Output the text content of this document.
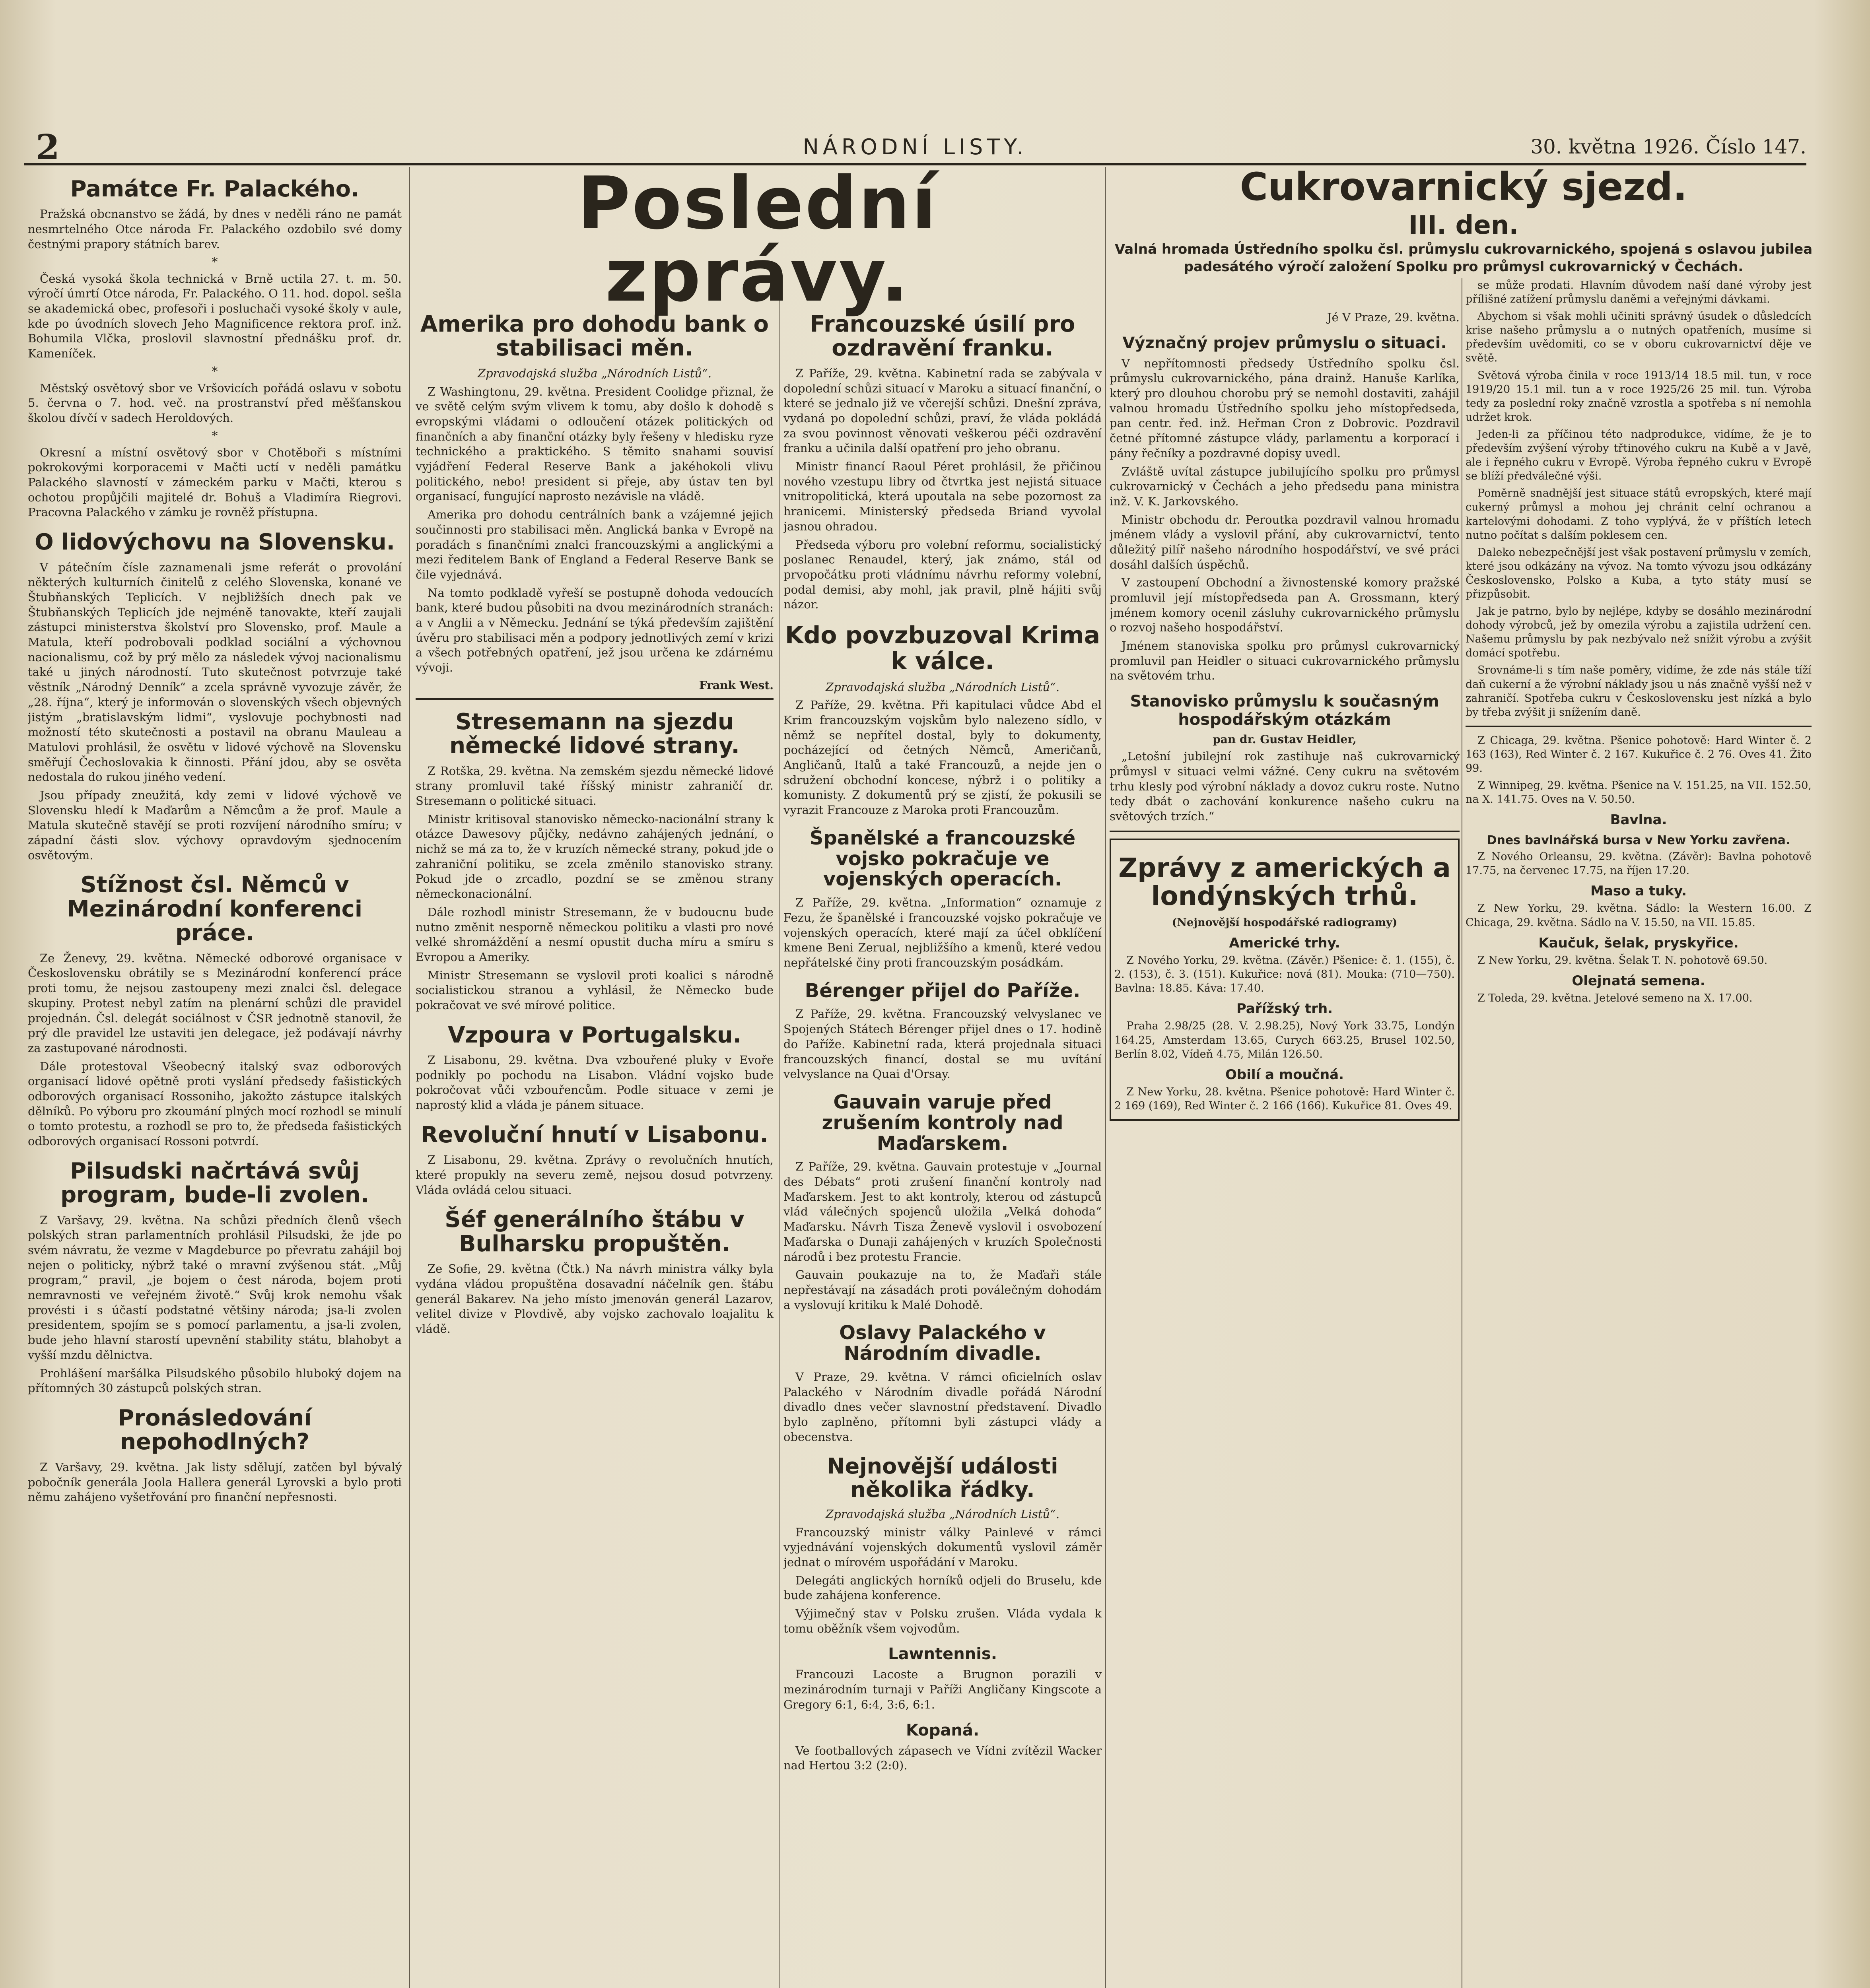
2	NÁRODNÍ LISTY.	30. května 1926. Číslo 147.
Poslední zprávy.
Památce Fr. Palackého.

Pražská obcnanstvo se žádá, by dnes v neděli ráno ne památ nesmrtelného Otce národa Fr. Palackého ozdobilo své domy čestnými prapory státních barev.

*

Česká vysoká škola technická v Brně uctila 27. t. m. 50. výročí úmrtí Otce národa, Fr. Palackého. O 11. hod. dopol. sešla se akademická obec, profesoři i posluchači vysoké školy v aule, kde po úvodních slovech Jeho Magnificence rektora prof. inž. Bohumila Vlčka, proslovil slavnostní přednášku prof. dr. Kameníček.

*

Městský osvětový sbor ve Vršovicích pořádá oslavu v sobotu 5. června o 7. hod. več. na prostranství před měšťanskou školou dívčí v sadech Heroldových.

*

Okresní a místní osvětový sbor v Chotěboři s místními pokrokovými korporacemi v Mačti uctí v neděli památku Palackého slavností v zámeckém parku v Mačti, kterou s ochotou propůjčili majitelé dr. Bohuš a Vladimíra Riegrovi. Pracovna Palackého v zámku je rovněž přístupna.

O lidovýchovu na Slovensku.

V pátečním čísle zaznamenali jsme referát o provolání některých kulturních činitelů z celého Slovenska, konané ve Štubňanských Teplicích. V nejbližších dnech pak ve Štubňanských Teplicích jde nejméně tanovakte, kteří zaujali zástupci ministerstva školství pro Slovensko, prof. Maule a Matula, kteří podrobovali podklad sociální a výchovnou nacionalismu, což by prý mělo za následek vývoj nacionalismu také u jiných národností. Tuto skutečnost potvrzuje také věstník „Národný Denník“ a zcela správně vyvozuje závěr, že „28. října“, který je informován o slovenských všech objevných jistým „bratislavským lidmi“, vyslovuje pochybnosti nad možností této skutečnosti a postavil na obranu Mauleau a Matulovi prohlásil, že osvětu v lidové výchově na Slovensku směřují Čechoslovakia k činnosti. Přání jdou, aby se osvěta nedostala do rukou jiného vedení.

Jsou případy zneužitá, kdy zemi v lidové výchově ve Slovensku hledí k Maďarům a Němcům a že prof. Maule a Matula skutečně stavějí se proti rozvíjení národního smíru; v západní části slov. výchovy opravdovým sjednocením osvětovým.

Stížnost čsl. Němců v Mezinárodní konferenci práce.

Ze Ženevy, 29. května. Německé odborové organisace v Československu obrátily se s Mezinárodní konferencí práce proti tomu, že nejsou zastoupeny mezi znalci čsl. delegace skupiny. Protest nebyl zatím na plenární schůzi dle pravidel projednán. Čsl. delegát sociálnost v ČSR jednotně stanovil, že prý dle pravidel lze ustaviti jen delegace, jež podávají návrhy za zastupované národnosti.

Dále protestoval Všeobecný italský svaz odborových organisací lidové opětně proti vyslání předsedy fašistických odborových organisací Rossoniho, jakožto zástupce italských dělníků. Po výboru pro zkoumání plných mocí rozhodl se minulí o tomto protestu, a rozhodl se pro to, že předseda fašistických odborových organisací Rossoni potvrdí.

Pilsudski načrtává svůj program, bude-li zvolen.

Z Varšavy, 29. května. Na schůzi předních členů všech polských stran parlamentních prohlásil Pilsudski, že jde po svém návratu, že vezme v Magdeburce po převratu zahájil boj nejen o politicky, nýbrž také o mravní zvýšenou stát. „Můj program,“ pravil, „je bojem o čest národa, bojem proti nemravnosti ve veřejném životě.“ Svůj krok nemohu však provésti i s účastí podstatné většiny národa; jsa-li zvolen presidentem, spojím se s pomocí parlamentu, a jsa-li zvolen, bude jeho hlavní starostí upevnění stability státu, blahobyt a vyšší mzdu dělnictva.

Prohlášení maršálka Pilsudského působilo hluboký dojem na přítomných 30 zástupců polských stran.

Pronásledování nepohodlných?

Z Varšavy, 29. května. Jak listy sdělují, zatčen byl bývalý pobočník generála Joola Hallera generál Lyrovski a bylo proti němu zahájeno vyšetřování pro finanční nepřesnosti.

Amerika pro dohodu bank o stabilisaci měn.

Zpravodajská služba „Národních Listů“.

Z Washingtonu, 29. května. President Coolidge přiznal, že ve světě celým svým vlivem k tomu, aby došlo k dohodě s evropskými vládami o odloučení otázek politických od finančních a aby finanční otázky byly řešeny v hledisku ryze technického a praktického. S těmito snahami souvisí vyjádření Federal Reserve Bank a jakéhokoli vlivu politického, nebo! president si přeje, aby ústav ten byl organisací, fungující naprosto nezávisle na vládě.

Amerika pro dohodu centrálních bank a vzájemné jejich součinnosti pro stabilisaci měn. Anglická banka v Evropě na poradách s finančními znalci francouzskými a anglickými a mezi ředitelem Bank of England a Federal Reserve Bank se čile vyjednává.

Na tomto podkladě vyřeší se postupně dohoda vedoucích bank, které budou působiti na dvou mezinárodních stranách: a v Anglii a v Německu. Jednání se týká především zajištění úvěru pro stabilisaci měn a podpory jednotlivých zemí v krizi a všech potřebných opatření, jež jsou určena ke zdárnému vývoji.

Frank West.
Stresemann na sjezdu německé lidové strany.

Z Rotška, 29. května. Na zemském sjezdu německé lidové strany promluvil také říšský ministr zahraničí dr. Stresemann o politické situaci.

Ministr kritisoval stanovisko německo-nacionální strany k otázce Dawesovy půjčky, nedávno zahájených jednání, o nichž se má za to, že v kruzích německé strany, pokud jde o zahraniční politiku, se zcela změnilo stanovisko strany. Pokud jde o zrcadlo, pozdní se se změnou strany německonacionální.

Dále rozhodl ministr Stresemann, že v budoucnu bude nutno změnit nesporně německou politiku a vlasti pro nové velké shromáždění a nesmí opustit ducha míru a smíru s Evropou a Ameriky.

Ministr Stresemann se vyslovil proti koalici s národně socialistickou stranou a vyhlásil, že Německo bude pokračovat ve své mírové politice.

Vzpoura v Portugalsku.

Z Lisabonu, 29. května. Dva vzbouřené pluky v Evoře podnikly po pochodu na Lisabon. Vládní vojsko bude pokročovat vůči vzbouřencům. Podle situace v zemi je naprostý klid a vláda je pánem situace.

Revoluční hnutí v Lisabonu.

Z Lisabonu, 29. května. Zprávy o revolučních hnutích, které propukly na severu země, nejsou dosud potvrzeny. Vláda ovládá celou situaci.

Šéf generálního štábu v Bulharsku propuštěn.

Ze Sofie, 29. května (Čtk.) Na návrh ministra války byla vydána vládou propuštěna dosavadní náčelník gen. štábu generál Bakarev. Na jeho místo jmenován generál Lazarov, velitel divize v Plovdivě, aby vojsko zachovalo loajalitu k vládě.

Francouzské úsilí pro ozdravění franku.

Z Paříže, 29. května. Kabinetní rada se zabývala v dopolední schůzi situací v Maroku a situací finanční, o které se jednalo již ve včerejší schůzi. Dnešní zpráva, vydaná po dopolední schůzi, praví, že vláda pokládá za svou povinnost věnovati veškerou péči ozdravění franku a učinila další opatření pro jeho obranu.

Ministr financí Raoul Péret prohlásil, že přičinou nového vzestupu libry od čtvrtka jest nejistá situace vnitropolitická, která upoutala na sebe pozornost za hranicemi. Ministerský předseda Briand vyvolal jasnou ohradou.

Předseda výboru pro volební reformu, socialistický poslanec Renaudel, který, jak známo, stál od prvopočátku proti vládnímu návrhu reformy volební, podal demisi, aby mohl, jak pravil, plně hájiti svůj názor.

Kdo povzbuzoval Krima k válce.

Zpravodajská služba „Národních Listů“.

Z Paříže, 29. května. Při kapitulaci vůdce Abd el Krim francouzským vojskům bylo nalezeno sídlo, v němž se nepřítel dostal, byly to dokumenty, pocházející od četných Němců, Američanů, Angličanů, Italů a také Francouzů, a nejde jen o sdružení obchodní koncese, nýbrž i o politiky a komunisty. Z dokumentů prý se zjistí, že pokusili se vyrazit Francouze z Maroka proti Francouzům.

Španělské a francouzské vojsko pokračuje ve vojenských operacích.

Z Paříže, 29. května. „Information“ oznamuje z Fezu, že španělské i francouzské vojsko pokračuje ve vojenských operacích, které mají za účel obklíčení kmene Beni Zerual, nejbližšího a kmenů, které vedou nepřátelské činy proti francouzským posádkám.

Bérenger přijel do Paříže.

Z Paříže, 29. května. Francouzský velvyslanec ve Spojených Státech Bérenger přijel dnes o 17. hodině do Paříže. Kabinetní rada, která projednala situaci francouzských financí, dostal se mu uvítání velvyslance na Quai d'Orsay.

Gauvain varuje před zrušením kontroly nad Maďarskem.

Z Paříže, 29. května. Gauvain protestuje v „Journal des Débats“ proti zrušení finanční kontroly nad Maďarskem. Jest to akt kontroly, kterou od zástupců vlád válečných spojenců uložila „Velká dohoda“ Maďarsku. Návrh Tisza Ženevě vyslovil i osvobození Maďarska o Dunaji zahájených v kruzích Společnosti národů i bez protestu Francie.

Gauvain poukazuje na to, že Maďaři stále nepřestávají na zásadách proti poválečným dohodám a vyslovují kritiku k Malé Dohodě.

Oslavy Palackého v Národním divadle.

V Praze, 29. května. V rámci oficielních oslav Palackého v Národním divadle pořádá Národní divadlo dnes večer slavnostní představení. Divadlo bylo zaplněno, přítomni byli zástupci vlády a obecenstva.

Nejnovější události několika řádky.

Zpravodajská služba „Národních Listů“.

Francouzský ministr války Painlevé v rámci vyjednávání vojenských dokumentů vyslovil záměr jednat o mírovém uspořádání v Maroku.

Delegáti anglických horníků odjeli do Bruselu, kde bude zahájena konference.

Výjimečný stav v Polsku zrušen. Vláda vydala k tomu oběžník všem vojvodům.

Lawntennis.

Francouzi Lacoste a Brugnon porazili v mezinárodním turnaji v Paříži Angličany Kingscote a Gregory 6:1, 6:4, 3:6, 6:1.

Kopaná.

Ve footballových zápasech ve Vídni zvítězil Wacker nad Hertou 3:2 (2:0).

Cukrovarnický sjezd.
III. den.
Valná hromada Ústředního spolku čsl. průmyslu cukrovarnického, spojená s oslavou jubilea padesátého výročí založení Spolku pro průmysl cukrovarnický v Čechách.

Jé V Praze, 29. května.

Význačný projev průmyslu o situaci.

V nepřítomnosti předsedy Ústředního spolku čsl. průmyslu cukrovarnického, pána drainž. Hanuše Karlíka, který pro dlouhou chorobu prý se nemohl dostaviti, zahájil valnou hromadu Ústředního spolku jeho místopředseda, pan centr. řed. inž. Heřman Cron z Dobrovic. Pozdravil četné přítomné zástupce vlády, parlamentu a korporací i pány řečníky a pozdravné dopisy uvedl.

Zvláště uvítal zástupce jubilujícího spolku pro průmysl cukrovarnický v Čechách a jeho předsedu pana ministra inž. V. K. Jarkovského.

Ministr obchodu dr. Peroutka pozdravil valnou hromadu jménem vlády a vyslovil přání, aby cukrovarnictví, tento důležitý pilíř našeho národního hospodářství, ve své práci dosáhl dalších úspěchů.

V zastoupení Obchodní a živnostenské komory pražské promluvil její místopředseda pan A. Grossmann, který jménem komory ocenil zásluhy cukrovarnického průmyslu o rozvoj našeho hospodářství.

Jménem stanoviska spolku pro průmysl cukrovarnický promluvil pan Heidler o situaci cukrovarnického průmyslu na světovém trhu.

Stanovisko průmyslu k současným hospodářským otázkám
pan dr. Gustav Heidler,

„Letošní jubilejní rok zastihuje naš cukrovarnický průmysl v situaci velmi vážné. Ceny cukru na světovém trhu klesly pod výrobní náklady a dovoz cukru roste. Nutno tedy dbát o zachování konkurence našeho cukru na světových trzích.“

Zprávy z amerických a londýnských trhů.

(Nejnovější hospodářské radiogramy)

Americké trhy.

Z Nového Yorku, 29. května. (Závěr.) Pšenice: č. 1. (155), č. 2. (153), č. 3. (151). Kukuřice: nová (81). Mouka: (710—750). Bavlna: 18.85. Káva: 17.40.

Pařížský trh.

Praha 2.98/25 (28. V. 2.98.25), Nový York 33.75, Londýn 164.25, Amsterdam 13.65, Curych 663.25, Brusel 102.50, Berlín 8.02, Vídeň 4.75, Milán 126.50.

Obilí a moučná.

Z New Yorku, 28. května. Pšenice pohotově: Hard Winter č. 2 169 (169), Red Winter č. 2 166 (166). Kukuřice 81. Oves 49.

se může prodati. Hlavním důvodem naší dané výroby jest přílišné zatížení průmyslu daněmi a veřejnými dávkami.

Abychom si však mohli učiniti správný úsudek o důsledcích krise našeho průmyslu a o nutných opatřeních, musíme si především uvědomiti, co se v oboru cukrovarnictví děje ve světě.

Světová výroba činila v roce 1913/14 18.5 mil. tun, v roce 1919/20 15.1 mil. tun a v roce 1925/26 25 mil. tun. Výroba tedy za poslední roky značně vzrostla a spotřeba s ní nemohla udržet krok.

Jeden-li za příčinou této nadprodukce, vidíme, že je to především zvýšení výroby třtinového cukru na Kubě a v Javě, ale i řepného cukru v Evropě. Výroba řepného cukru v Evropě se blíží předválečné výši.

Poměrně snadnější jest situace států evropských, které mají cukerný průmysl a mohou jej chránit celní ochranou a kartelovými dohodami. Z toho vyplývá, že v příštích letech nutno počítat s dalším poklesem cen.

Daleko nebezpečnější jest však postavení průmyslu v zemích, které jsou odkázány na vývoz. Na tomto vývozu jsou odkázány Československo, Polsko a Kuba, a tyto státy musí se přizpůsobit.

Jak je patrno, bylo by nejlépe, kdyby se dosáhlo mezinárodní dohody výrobců, jež by omezila výrobu a zajistila udržení cen. Našemu průmyslu by pak nezbývalo než snížit výrobu a zvýšit domácí spotřebu.

Srovnáme-li s tím naše poměry, vidíme, že zde nás stále tíží daň cukerní a že výrobní náklady jsou u nás značně vyšší než v zahraničí. Spotřeba cukru v Československu jest nízká a bylo by třeba zvýšit ji snížením daně.

Z Chicaga, 29. května. Pšenice pohotově: Hard Winter č. 2 163 (163), Red Winter č. 2 167. Kukuřice č. 2 76. Oves 41. Žito 99.

Z Winnipeg, 29. května. Pšenice na V. 151.25, na VII. 152.50, na X. 141.75. Oves na V. 50.50.

Bavlna.
Dnes bavlnářská bursa v New Yorku zavřena.

Z Nového Orleansu, 29. května. (Závěr): Bavlna pohotově 17.75, na červenec 17.75, na říjen 17.20.

Maso a tuky.

Z New Yorku, 29. května. Sádlo: la Western 16.00. Z Chicaga, 29. května. Sádlo na V. 15.50, na VII. 15.85.

Kaučuk, šelak, pryskyřice.

Z New Yorku, 29. května. Šelak T. N. pohotově 69.50.

Olejnatá semena.

Z Toleda, 29. května. Jetelové semeno na X. 17.00.
